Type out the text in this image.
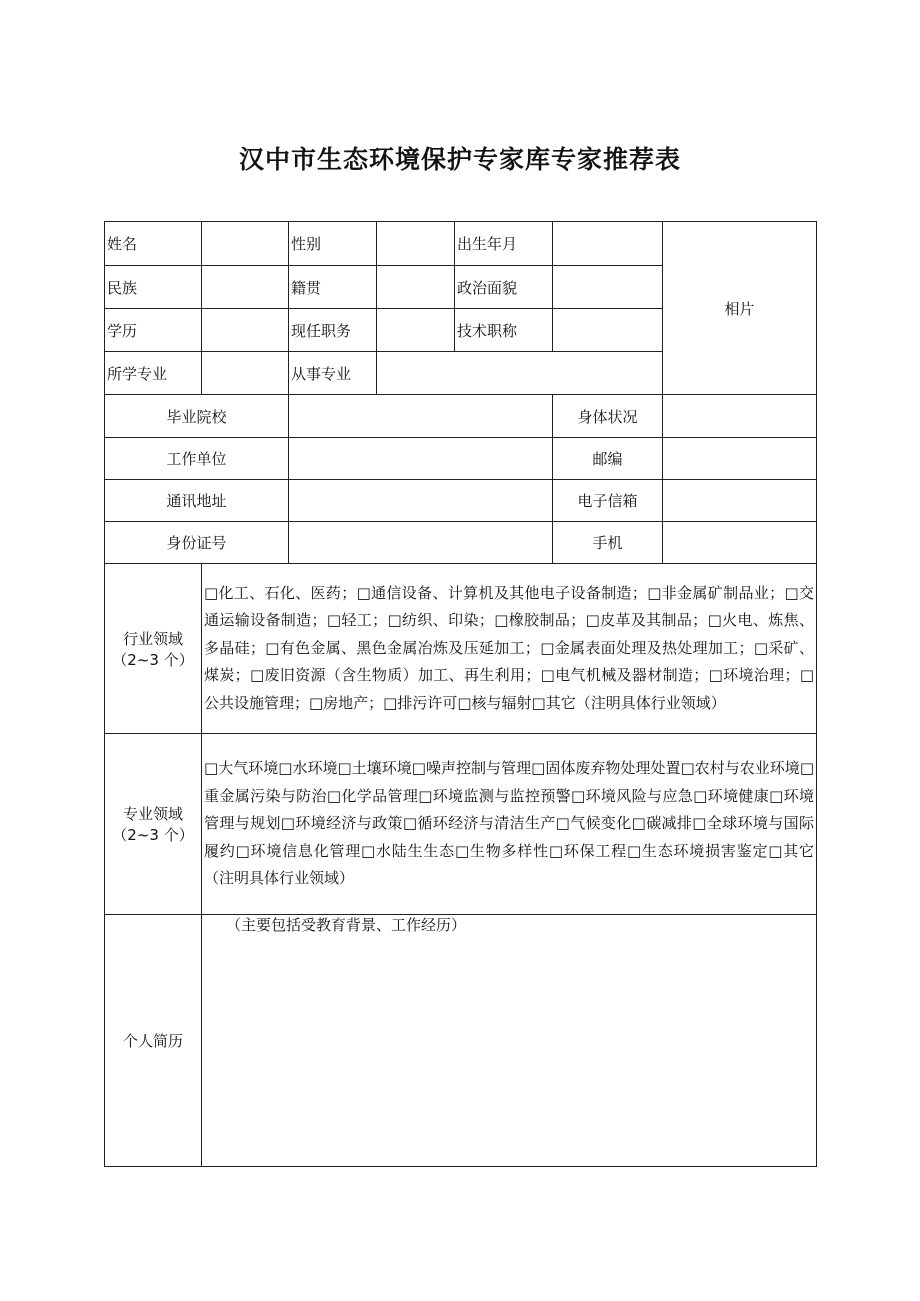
汉中市生态环境保护专家库专家推荐表
姓名		性别		出生年月		相片
民族		籍贯		政治面貌		
学历		现任职务		技术职称		
所学专业		从事专业				
毕业院校					身体状况	
工作单位					邮编	
通讯地址					电子信箱	
身份证号					手机	

行业领域
（2~3 个）	□化工、石化、医药；□通信设备、计算机及其他电子设备制造；□非金属矿制品业；□交通运输设备制造；□轻工；□纺织、印染；□橡胶制品；□皮革及其制品；□火电、炼焦、多晶硅；□有色金属、黑色金属冶炼及压延加工；□金属表面处理及热处理加工；□采矿、煤炭；□废旧资源（含生物质）加工、再生利用；□电气机械及器材制造；□环境治理；□公共设施管理；□房地产；□排污许可□核与辐射□其它（注明具体行业领域）					

专业领域
（2~3 个）	□大气环境□水环境□土壤环境□噪声控制与管理□固体废弃物处理处置□农村与农业环境□重金属污染与防治□化学品管理□环境监测与监控预警□环境风险与应急□环境健康□环境管理与规划□环境经济与政策□循环经济与清洁生产□气候变化□碳减排□全球环境与国际履约□环境信息化管理□水陆生生态□生物多样性□环保工程□生态环境损害鉴定□其它（注明具体行业领域）					
个人简历	（主要包括受教育背景、工作经历）					
